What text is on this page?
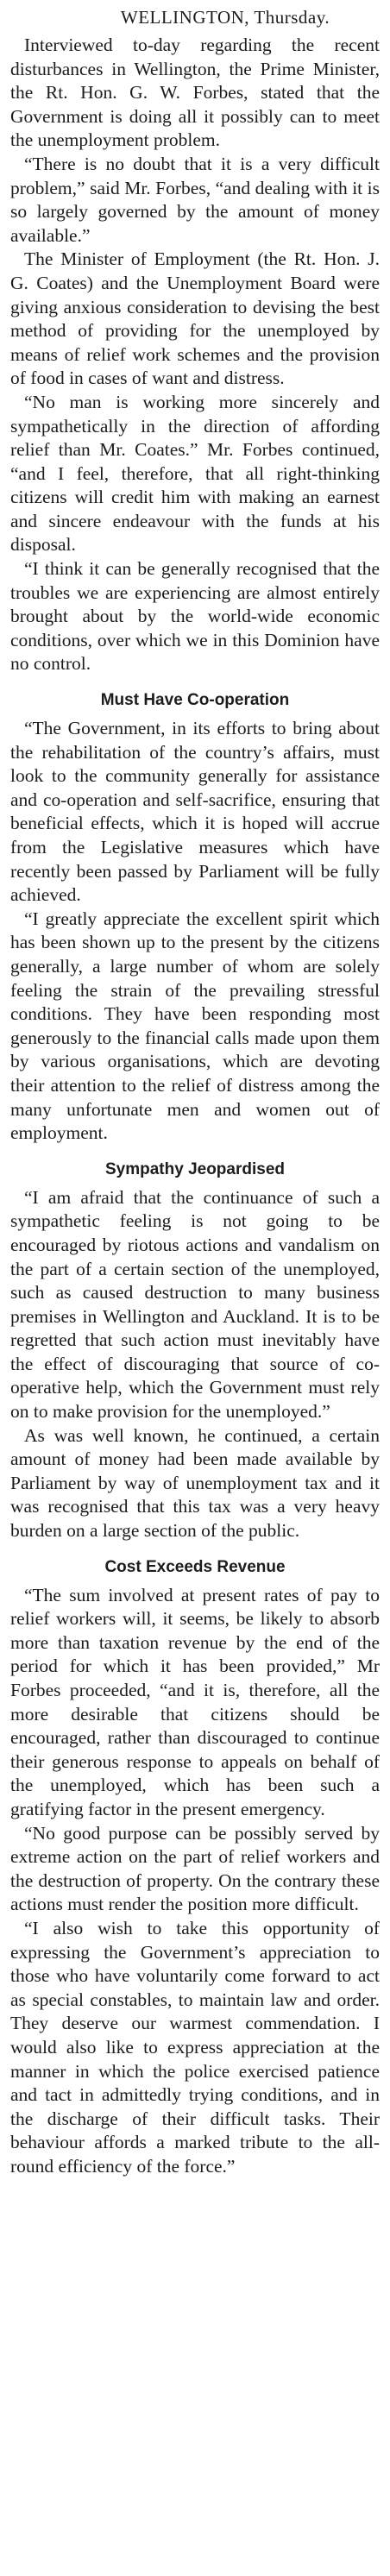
WELLINGTON, Thursday.

Interviewed to-day regarding the recent disturbances in Wellington, the Prime Minister, the Rt. Hon. G. W. Forbes, stated that the Government is doing all it possibly can to meet the unemployment problem.

“There is no doubt that it is a very difficult problem,” said Mr. Forbes, “and dealing with it is so largely governed by the amount of money available.”

The Minister of Employment (the Rt. Hon. J. G. Coates) and the Unemployment Board were giving anxious consideration to devising the best method of providing for the unemployed by means of relief work schemes and the provision of food in cases of want and distress.

“No man is working more sincerely and sympathetically in the direction of affording relief than Mr. Coates.” Mr. Forbes continued, “and I feel, therefore, that all right-thinking citizens will credit him with making an earnest and sincere endeavour with the funds at his disposal.

“I think it can be generally recognised that the troubles we are experiencing are almost entirely brought about by the world-wide economic conditions, over which we in this Dominion have no control.

Must Have Co-operation

“The Government, in its efforts to bring about the rehabilitation of the country’s affairs, must look to the community generally for assistance and co-operation and self-sacrifice, ensuring that beneficial effects, which it is hoped will accrue from the Legislative measures which have recently been passed by Parliament will be fully achieved.

“I greatly appreciate the excellent spirit which has been shown up to the present by the citizens generally, a large number of whom are solely feeling the strain of the prevailing stressful conditions. They have been responding most generously to the financial calls made upon them by various organisations, which are devoting their attention to the relief of distress among the many unfortunate men and women out of employment.

Sympathy Jeopardised

“I am afraid that the continuance of such a sympathetic feeling is not going to be encouraged by riotous actions and vandalism on the part of a certain section of the unemployed, such as caused destruction to many business premises in Wellington and Auckland. It is to be regretted that such action must inevitably have the effect of discouraging that source of co-operative help, which the Government must rely on to make provision for the unemployed.”

As was well known, he continued, a certain amount of money had been made available by Parliament by way of unemployment tax and it was recognised that this tax was a very heavy burden on a large section of the public.

Cost Exceeds Revenue

“The sum involved at present rates of pay to relief workers will, it seems, be likely to absorb more than taxation revenue by the end of the period for which it has been provided,” Mr Forbes proceeded, “and it is, therefore, all the more desirable that citizens should be encouraged, rather than discouraged to continue their generous response to appeals on behalf of the unemployed, which has been such a gratifying factor in the present emergency.

“No good purpose can be possibly served by extreme action on the part of relief workers and the destruction of property. On the contrary these actions must render the position more difficult.

“I also wish to take this opportunity of expressing the Government’s appreciation to those who have voluntarily come forward to act as special constables, to maintain law and order. They deserve our warmest commendation. I would also like to express appreciation at the manner in which the police exercised patience and tact in admittedly trying conditions, and in the discharge of their difficult tasks. Their behaviour affords a marked tribute to the all-round efficiency of the force.”
